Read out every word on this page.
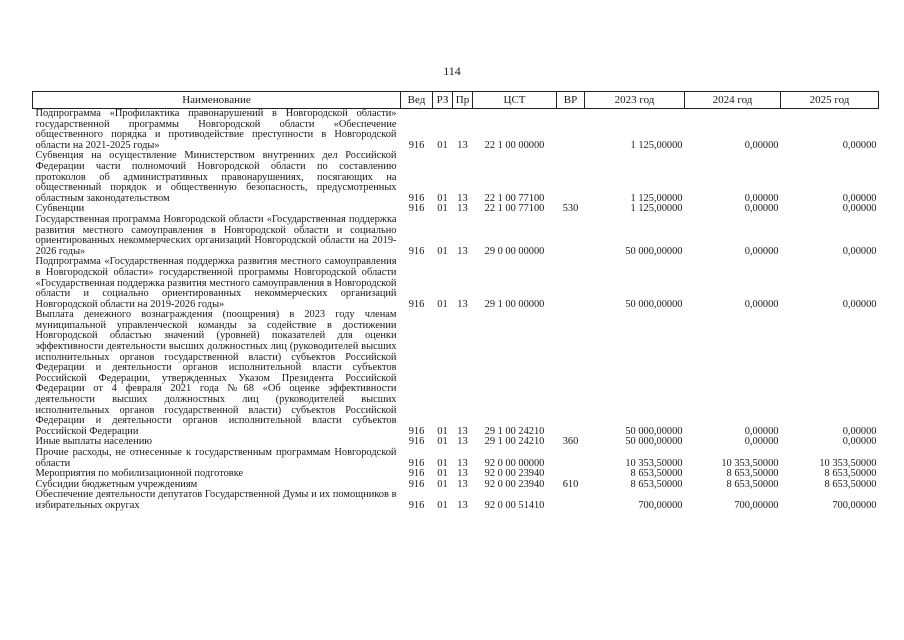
114
Наименование	Вед	РЗ	Пр	ЦСТ	ВР	2023 год	2024 год	2025 год
Подпрограмма «Профилактика правонарушений в Новгородской области» государственной программы Новгородской области «Обеспечение общественного порядка и противодействие преступности в Новгородской области на 2021-2025 годы»	916	01	13	22 1 00 00000		1 125,00000	0,00000	0,00000
Субвенция на осуществление Министерством внутренних дел Российской Федерации части полномочий Новгородской области по составлению протоколов об административных правонарушениях, посягающих на общественный порядок и общественную безопасность, предусмотренных областным законодательством	916	01	13	22 1 00 77100		1 125,00000	0,00000	0,00000
Субвенции	916	01	13	22 1 00 77100	530	1 125,00000	0,00000	0,00000
Государственная программа Новгородской области «Государственная поддержка развития местного самоуправления в Новгородской области и социально ориентированных некоммерческих организаций Новгородской области на 2019-2026 годы»	916	01	13	29 0 00 00000		50 000,00000	0,00000	0,00000
Подпрограмма «Государственная поддержка развития местного самоуправления в Новгородской области» государственной программы Новгородской области «Государственная поддержка развития местного самоуправления в Новгородской области и социально ориентированных некоммерческих организаций Новгородской области на 2019-2026 годы»	916	01	13	29 1 00 00000		50 000,00000	0,00000	0,00000
Выплата денежного вознаграждения (поощрения) в 2023 году членам муниципальной управленческой команды за содействие в достижении Новгородской областью значений (уровней) показателей для оценки эффективности деятельности высших должностных лиц (руководителей высших исполнительных органов государственной власти) субъектов Российской Федерации и деятельности органов исполнительной власти субъектов Российской Федерации, утвержденных Указом Президента Российской Федерации от 4 февраля 2021 года №68 «Об оценке эффективности деятельности высших должностных лиц (руководителей высших исполнительных органов государственной власти) субъектов Российской Федерации и деятельности органов исполнительной власти субъектов Российской Федерации	916	01	13	29 1 00 24210		50 000,00000	0,00000	0,00000
Иные выплаты населению	916	01	13	29 1 00 24210	360	50 000,00000	0,00000	0,00000
Прочие расходы, не отнесенные к государственным программам Новгородской области	916	01	13	92 0 00 00000		10 353,50000	10 353,50000	10 353,50000
Мероприятия по мобилизационной подготовке	916	01	13	92 0 00 23940		8 653,50000	8 653,50000	8 653,50000
Субсидии бюджетным учреждениям	916	01	13	92 0 00 23940	610	8 653,50000	8 653,50000	8 653,50000
Обеспечение деятельности депутатов Государственной Думы и их помощников в избирательных округах	916	01	13	92 0 00 51410		700,00000	700,00000	700,00000
